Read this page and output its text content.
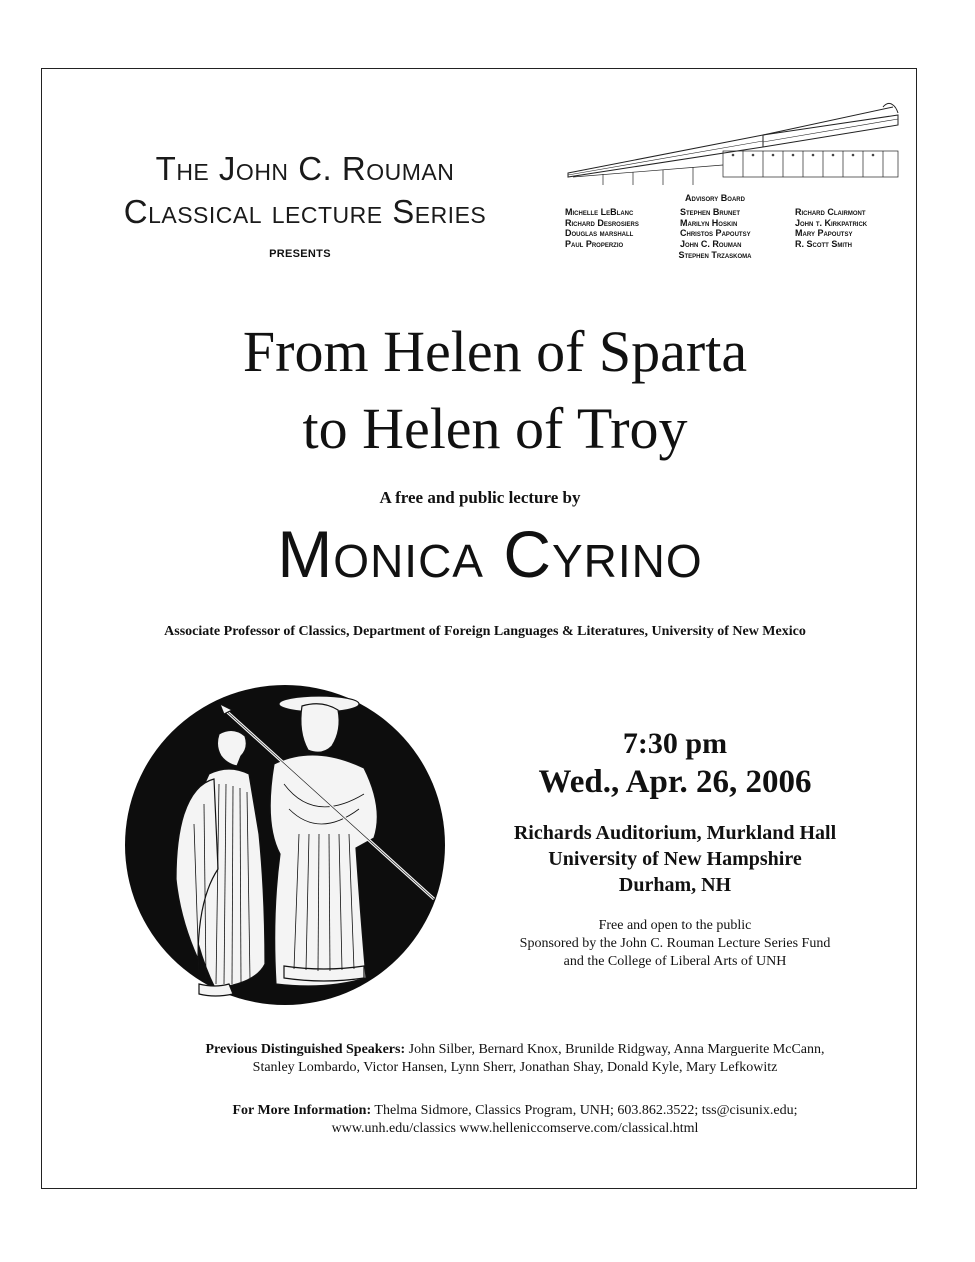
The John C. Rouman
Classical lecture Series
PRESENTS
Advisory Board
Michelle LeBlanc
Richard Desrosiers
Douglas marshall
Paul Properzio
Stephen Brunet
Marilyn Hoskin
Christos Papoutsy
John C. Rouman
Richard Clairmont
John t. Kirkpatrick
Mary Papoutsy
R. Scott Smith
Stephen Trzaskoma
From Helen of Sparta
to Helen of Troy
A free and public lecture by
Monica Cyrino
Associate Professor of Classics, Department of Foreign Languages & Literatures, University of New Mexico
7:30 pm
Wed., Apr. 26, 2006
Richards Auditorium, Murkland Hall
University of New Hampshire
Durham, NH
Free and open to the public
Sponsored by the John C. Rouman Lecture Series Fund
and the College of Liberal Arts of UNH
Previous Distinguished Speakers: John Silber, Bernard Knox, Brunilde Ridgway, Anna Marguerite McCann,
Stanley Lombardo, Victor Hansen, Lynn Sherr, Jonathan Shay, Donald Kyle, Mary Lefkowitz
For More Information: Thelma Sidmore, Classics Program, UNH; 603.862.3522; tss@cisunix.edu;
www.unh.edu/classics www.helleniccomserve.com/classical.html
